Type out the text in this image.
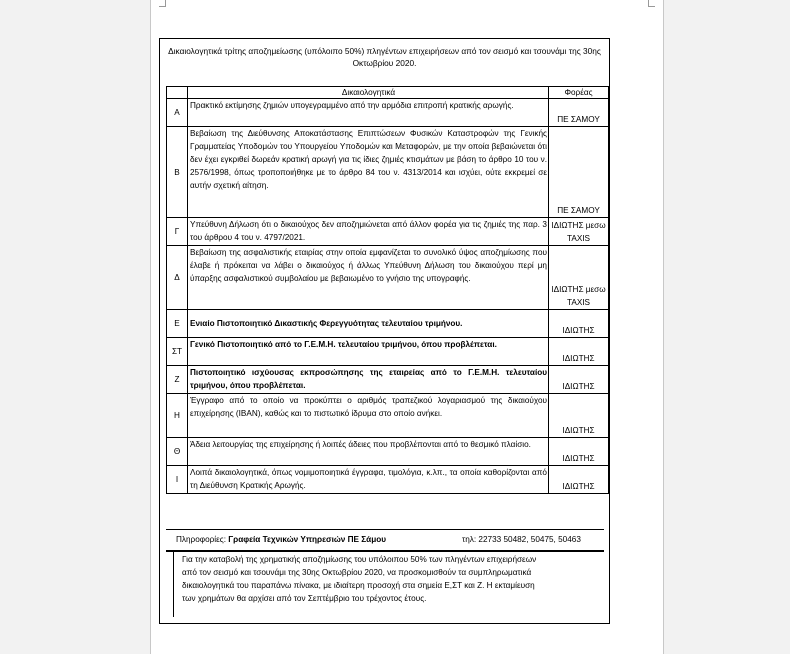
Δικαιολογητικά τρίτης αποζημείωσης (υπόλοιπο 50%) πληγέντων επιχειρήσεων από τον σεισμό και τσουνάμι της 30ης Οκτωβρίου 2020.
	Δικαιολογητικά	Φορέας
Α	Πρακτικό εκτίμησης ζημιών υπογεγραμμένο από την αρμόδια επιτροπή κρατικής αρωγής.	ΠΕ ΣΑΜΟΥ
Β	Βεβαίωση της Διεύθυνσης Αποκατάστασης Επιπτώσεων Φυσικών Καταστροφών της Γενικής Γραμματείας Υποδομών του Υπουργείου Υποδομών και Μεταφορών, με την οποία βεβαιώνεται ότι δεν έχει εγκριθεί δωρεάν κρατική αρωγή για τις ίδιες ζημιές κτισμάτων με βάση το άρθρο 10 του ν. 2576/1998, όπως τροποποιήθηκε με το άρθρο 84 του ν. 4313/2014 και ισχύει, ούτε εκκρεμεί σε αυτήν σχετική αίτηση.	ΠΕ ΣΑΜΟΥ
Γ	Υπεύθυνη Δήλωση ότι ο δικαιούχος δεν αποζημιώνεται από άλλον φορέα για τις ζημιές της παρ. 3 του άρθρου 4 του ν. 4797/2021.	ΙΔΙΩΤΗΣ μεσω TAXIS
Δ	Βεβαίωση της ασφαλιστικής εταιρίας στην οποία εμφανίζεται το συνολικό ύψος αποζημίωσης που έλαβε ή πρόκειται να λάβει ο δικαιούχος ή άλλως Υπεύθυνη Δήλωση του δικαιούχου περί μη ύπαρξης ασφαλιστικού συμβολαίου με βεβαιωμένο το γνήσιο της υπογραφής.	ΙΔΙΩΤΗΣ μεσω TAXIS
Ε	Ενιαίο Πιστοποιητικό Δικαστικής Φερεγγυότητας τελευταίου τριμήνου.	ΙΔΙΩΤΗΣ
ΣΤ	Γενικό Πιστοποιητικό από το Γ.Ε.Μ.Η. τελευταίου τριμήνου, όπου προβλέπεται.	ΙΔΙΩΤΗΣ
Ζ	Πιστοποιητικό ισχύουσας εκπροσώπησης της εταιρείας από το Γ.Ε.Μ.Η. τελευταίου τριμήνου, όπου προβλέπεται.	ΙΔΙΩΤΗΣ
Η	Έγγραφο από το οποίο να προκύπτει ο αριθμός τραπεζικού λογαριασμού της δικαιούχου επιχείρησης (IBAN), καθώς και το πιστωτικό ίδρυμα στο οποίο ανήκει.	ΙΔΙΩΤΗΣ
Θ	Άδεια λειτουργίας της επιχείρησης ή λοιπές άδειες που προβλέπονται από το θεσμικό πλαίσιο.	ΙΔΙΩΤΗΣ
Ι	Λοιπά δικαιολογητικά, όπως νομιμοποιητικά έγγραφα, τιμολόγια, κ.λπ., τα οποία καθορίζονται από τη Διεύθυνση Κρατικής Αρωγής.	ΙΔΙΩΤΗΣ
Πληροφορίες: Γραφεία Τεχνικών Υπηρεσιών ΠΕ Σάμου	τηλ: 22733 50482, 50475, 50463
Για την καταβολή της χρηματικής αποζημίωσης του υπόλοιπου 50% των πληγέντων επιχειρήσεων από τον σεισμό και τσουνάμι της 30ης Οκτωβρίου 2020, να προσκομισθούν τα συμπληρωματικά δικαιολογητικά του παραπάνω πίνακα, με ιδιαίτερη προσοχή στα σημεία Ε,ΣΤ και Ζ. Η εκταμίευση των χρημάτων θα αρχίσει από τον Σεπτέμβριο του τρέχοντος έτους.
